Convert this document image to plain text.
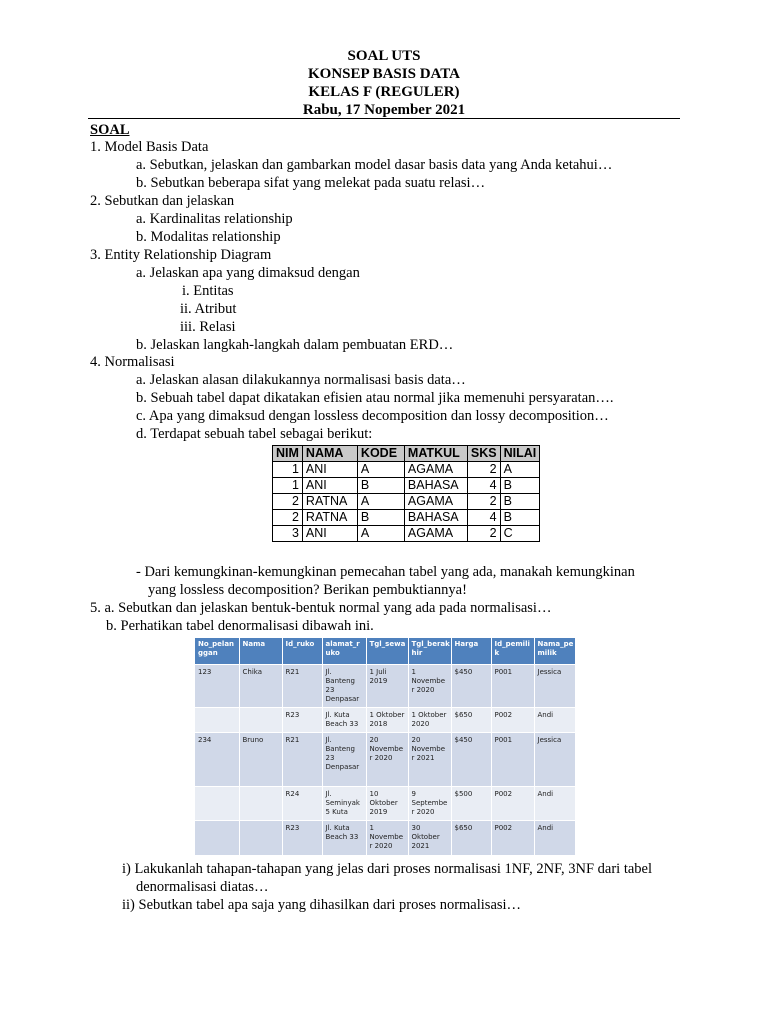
SOAL UTS
KONSEP BASIS DATA
KELAS F (REGULER)
Rabu, 17 Nopember 2021
SOAL
1. Model Basis Data
a. Sebutkan, jelaskan dan gambarkan model dasar basis data yang Anda ketahui…
b. Sebutkan beberapa sifat yang melekat pada suatu relasi…
2. Sebutkan dan jelaskan
a. Kardinalitas relationship
b. Modalitas relationship
3. Entity Relationship Diagram
a. Jelaskan apa yang dimaksud dengan
i. Entitas
ii. Atribut
iii. Relasi
b. Jelaskan langkah-langkah dalam pembuatan ERD…
4. Normalisasi
a. Jelaskan alasan dilakukannya normalisasi basis data…
b. Sebuah tabel dapat dikatakan efisien atau normal jika memenuhi persyaratan….
c. Apa yang dimaksud dengan lossless decomposition dan lossy decomposition…
d. Terdapat sebuah tabel sebagai berikut:
NIM	NAMA	KODE	MATKUL	SKS	NILAI
1	ANI	A	AGAMA	2	A
1	ANI	B	BAHASA	4	B
2	RATNA	A	AGAMA	2	B
2	RATNA	B	BAHASA	4	B
3	ANI	A	AGAMA	2	C
- Dari kemungkinan-kemungkinan pemecahan tabel yang ada, manakah kemungkinan
yang lossless decomposition? Berikan pembuktiannya!
5. a. Sebutkan dan jelaskan bentuk-bentuk normal yang ada pada normalisasi…
b. Perhatikan tabel denormalisasi dibawah ini.
No_pelan ggan	Nama	Id_ruko	alamat_r uko	Tgl_sewa	Tgl_berak hir	Harga	Id_pemili k	Nama_pe milik
123	Chika	R21	Jl. Banteng 23 Denpasar	1 Juli 2019	1 Novembe r 2020	$450	P001	Jessica
		R23	Jl. Kuta Beach 33	1 Oktober 2018	1 Oktober 2020	$650	P002	Andi
234	Bruno	R21	Jl. Banteng 23 Denpasar	20 Novembe r 2020	20 Novembe r 2021	$450	P001	Jessica
		R24	Jl. Seminyak 5 Kuta	10 Oktober 2019	9 Septembe r 2020	$500	P002	Andi
		R23	Jl. Kuta Beach 33	1 Novembe r 2020	30 Oktober 2021	$650	P002	Andi
i) Lakukanlah tahapan-tahapan yang jelas dari proses normalisasi 1NF, 2NF, 3NF dari tabel
denormalisasi diatas…
ii) Sebutkan tabel apa saja yang dihasilkan dari proses normalisasi…
